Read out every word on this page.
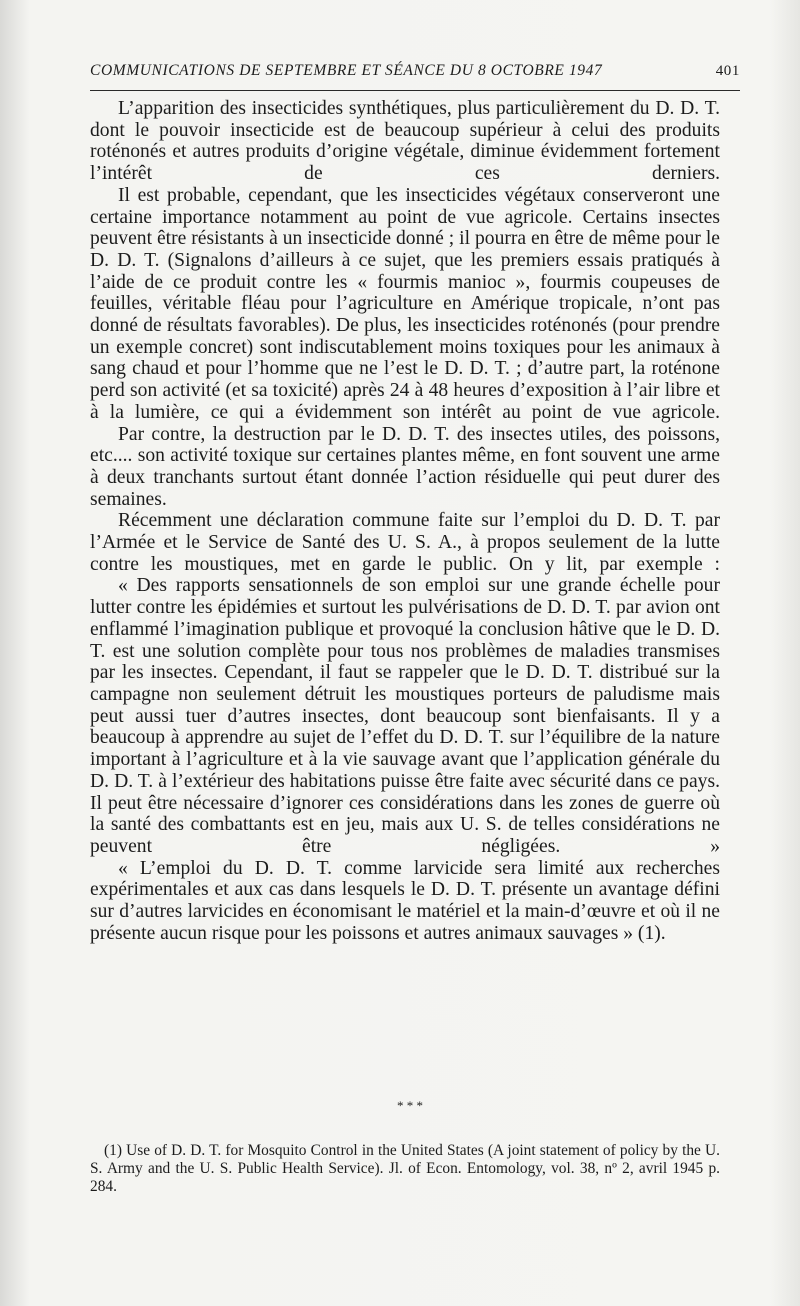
COMMUNICATIONS DE SEPTEMBRE ET SÉANCE DU 8 OCTOBRE 1947	401

L’apparition des insecticides synthétiques, plus particulièrement du D. D. T. dont le pouvoir insecticide est de beaucoup supérieur à celui des produits roténonés et autres produits d’origine végétale, diminue évidemment fortement l’intérêt de ces derniers.

Il est probable, cependant, que les insecticides végétaux conserveront une certaine importance notamment au point de vue agricole. Certains insectes peuvent être résistants à un insecticide donné ; il pourra en être de même pour le D. D. T. (Signalons d’ailleurs à ce sujet, que les premiers essais pratiqués à l’aide de ce produit contre les « fourmis manioc », fourmis coupeuses de feuilles, véritable fléau pour l’agriculture en Amérique tropicale, n’ont pas donné de résultats favorables). De plus, les insecticides roténonés (pour prendre un exemple concret) sont indiscutablement moins toxiques pour les animaux à sang chaud et pour l’homme que ne l’est le D. D. T. ; d’autre part, la roténone perd son activité (et sa toxicité) après 24 à 48 heures d’exposition à l’air libre et à la lumière, ce qui a évidemment son intérêt au point de vue agricole.

Par contre, la destruction par le D. D. T. des insectes utiles, des poissons, etc.... son activité toxique sur certaines plantes même, en font souvent une arme à deux tranchants surtout étant donnée l’action résiduelle qui peut durer des semaines.

Récemment une déclaration commune faite sur l’emploi du D. D. T. par l’Armée et le Service de Santé des U. S. A., à propos seulement de la lutte contre les moustiques, met en garde le public. On y lit, par exemple :

« Des rapports sensationnels de son emploi sur une grande échelle pour lutter contre les épidémies et surtout les pulvérisations de D. D. T. par avion ont enflammé l’imagination publique et provoqué la conclusion hâtive que le D. D. T. est une solution complète pour tous nos problèmes de maladies transmises par les insectes. Cependant, il faut se rappeler que le D. D. T. distribué sur la campagne non seulement détruit les moustiques porteurs de paludisme mais peut aussi tuer d’autres insectes, dont beaucoup sont bienfaisants. Il y a beaucoup à apprendre au sujet de l’effet du D. D. T. sur l’équilibre de la nature important à l’agriculture et à la vie sauvage avant que l’application générale du D. D. T. à l’extérieur des habitations puisse être faite avec sécurité dans ce pays. Il peut être nécessaire d’ignorer ces considérations dans les zones de guerre où la santé des combattants est en jeu, mais aux U. S. de telles considérations ne peuvent être négligées. »

« L’emploi du D. D. T. comme larvicide sera limité aux recherches expérimentales et aux cas dans lesquels le D. D. T. présente un avantage défini sur d’autres larvicides en économisant le matériel et la main-d’œuvre et où il ne présente aucun risque pour les poissons et autres animaux sauvages » (1).

* * *
(1) Use of D. D. T. for Mosquito Control in the United States (A joint statement of policy by the U. S. Army and the U. S. Public Health Service). Jl. of Econ. Entomology, vol. 38, nº 2, avril 1945 p. 284.
